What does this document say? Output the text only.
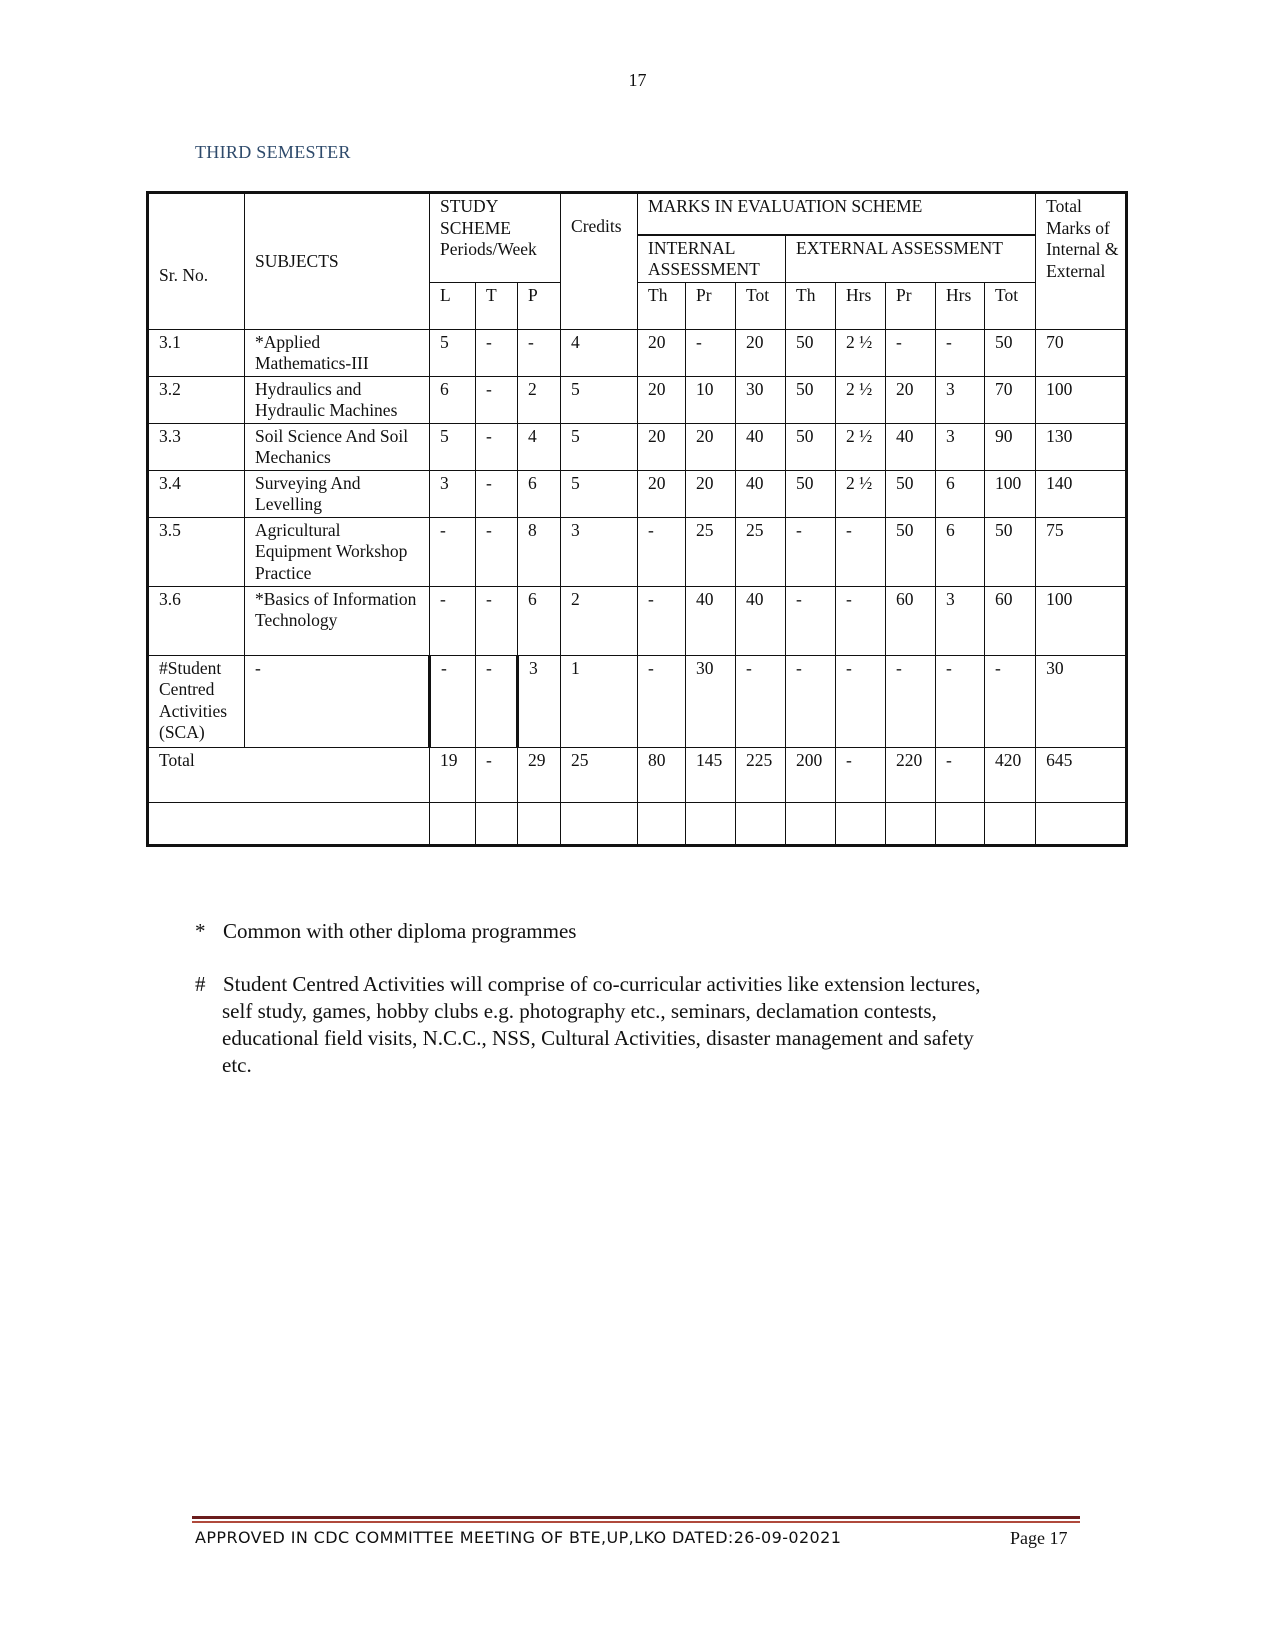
17
THIRD SEMESTER
Sr. No.	SUBJECTS	STUDY SCHEME Periods/Week			Credits	MARKS IN EVALUATION SCHEME								Total Marks of Internal & External
						INTERNAL ASSESSMENT			EXTERNAL ASSESSMENT					
		L	T	P		Th	Pr	Tot	Th	Hrs	Pr	Hrs	Tot	
3.1	*Applied Mathematics-III	5	-	-	4	20	-	20	50	2 ½	-	-	50	70
3.2	Hydraulics and Hydraulic Machines	6	-	2	5	20	10	30	50	2 ½	20	3	70	100
3.3	Soil Science And Soil Mechanics	5	-	4	5	20	20	40	50	2 ½	40	3	90	130
3.4	Surveying And Levelling	3	-	6	5	20	20	40	50	2 ½	50	6	100	140
3.5	Agricultural Equipment Workshop Practice	-	-	8	3	-	25	25	-	-	50	6	50	75
3.6	*Basics of Information Technology	-	-	6	2	-	40	40	-	-	60	3	60	100
#Student Centred Activities (SCA)	-	-	-	3	1	-	30	-	-	-	-	-	-	30
Total		19	-	29	25	80	145	225	200	-	220	-	420	645

* Common with other diploma programmes
# Student Centred Activities will comprise of co-curricular activities like extension lectures,
self study, games, hobby clubs e.g. photography etc., seminars, declamation contests,
educational field visits, N.C.C., NSS, Cultural Activities, disaster management and safety
etc.
APPROVED IN CDC COMMITTEE MEETING OF BTE,UP,LKO DATED:26-09-02021	Page 17
